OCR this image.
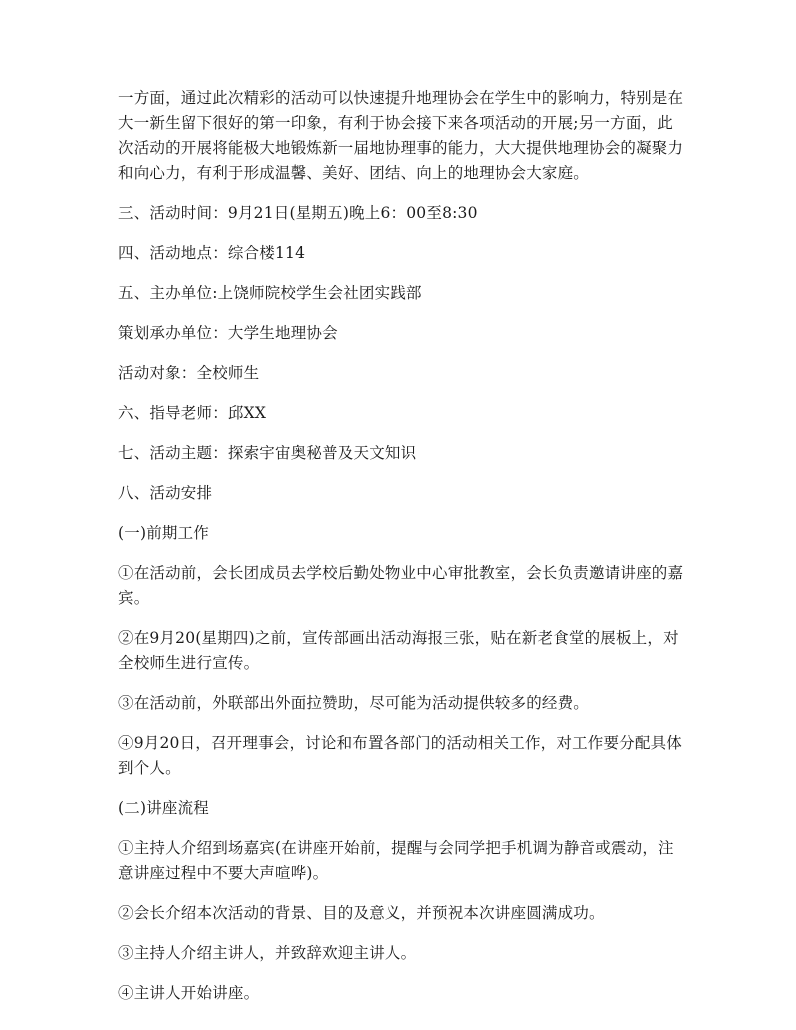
一方面，通过此次精彩的活动可以快速提升地理协会在学生中的影响力，特别是在大一新生留下很好的第一印象，有利于协会接下来各项活动的开展;另一方面，此次活动的开展将能极大地锻炼新一届地协理事的能力，大大提供地理协会的凝聚力和向心力，有利于形成温馨、美好、团结、向上的地理协会大家庭。

三、活动时间：9月21日(星期五)晚上6：00至8:30

四、活动地点：综合楼114

五、主办单位:上饶师院校学生会社团实践部

策划承办单位：大学生地理协会

活动对象：全校师生

六、指导老师：邱XX

七、活动主题：探索宇宙奥秘普及天文知识

八、活动安排

(一)前期工作

①在活动前，会长团成员去学校后勤处物业中心审批教室，会长负责邀请讲座的嘉宾。

②在9月20(星期四)之前，宣传部画出活动海报三张，贴在新老食堂的展板上，对全校师生进行宣传。

③在活动前，外联部出外面拉赞助，尽可能为活动提供较多的经费。

④9月20日，召开理事会，讨论和布置各部门的活动相关工作，对工作要分配具体到个人。

(二)讲座流程

①主持人介绍到场嘉宾(在讲座开始前，提醒与会同学把手机调为静音或震动，注意讲座过程中不要大声喧哗)。

②会长介绍本次活动的背景、目的及意义，并预祝本次讲座圆满成功。

③主持人介绍主讲人，并致辞欢迎主讲人。

④主讲人开始讲座。
